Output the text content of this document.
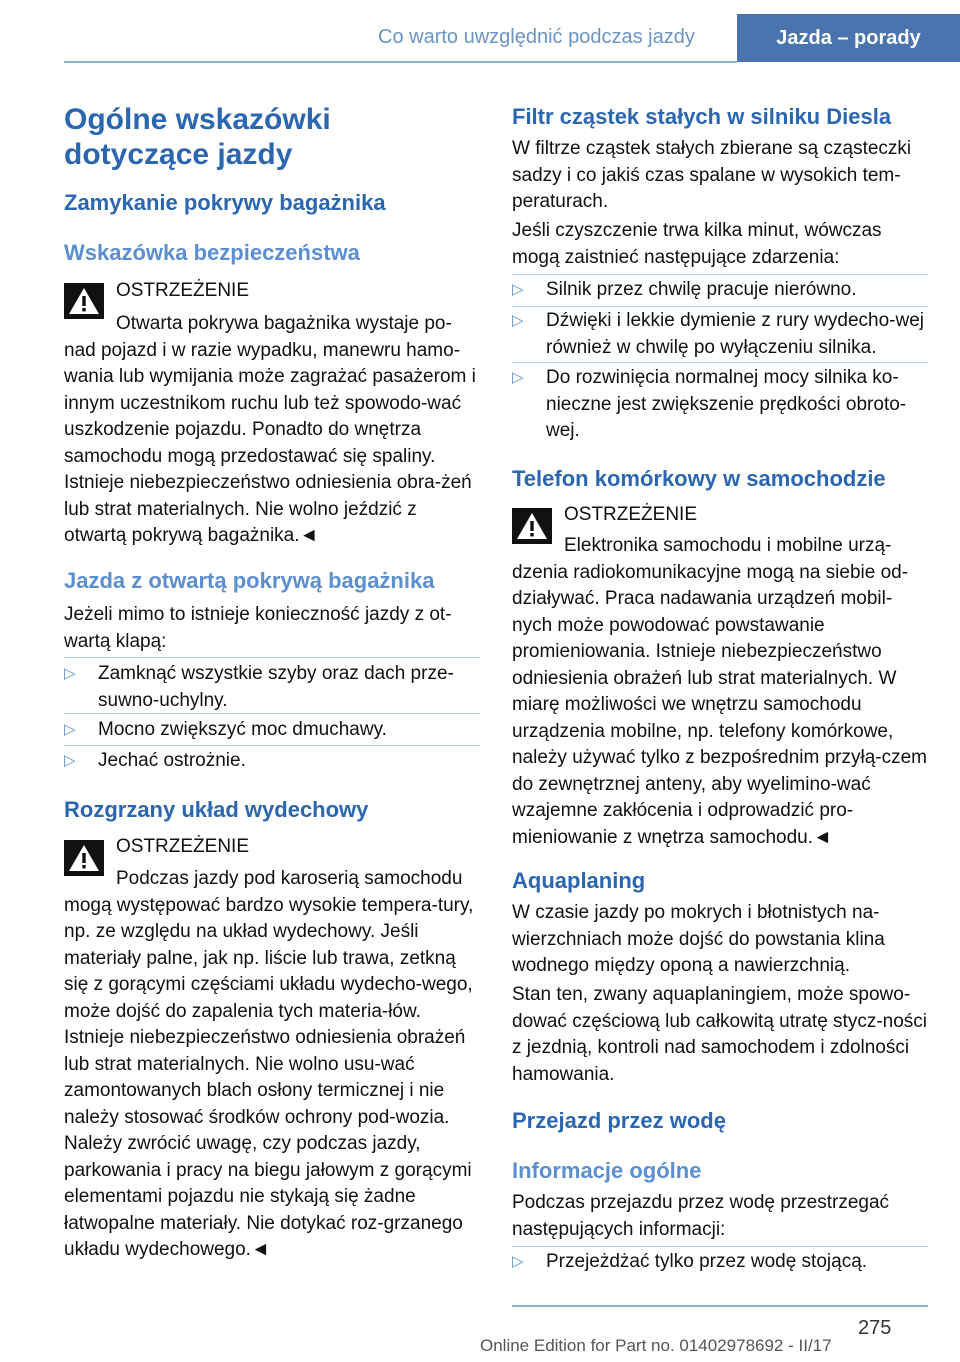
Co warto uwzględnić podczas jazdy	Jazda – porady
Ogólne wskazówki dotyczące jazdy
Zamykanie pokrywy bagażnika
Wskazówka bezpieczeństwa
OSTRZEŻENIE
Otwarta pokrywa bagażnika wystaje po-nad pojazd i w razie wypadku, manewru hamo-wania lub wymijania może zagrażać pasażerom i innym uczestnikom ruchu lub też spowodo-wać uszkodzenie pojazdu. Ponadto do wnętrza samochodu mogą przedostawać się spaliny. Istnieje niebezpieczeństwo odniesienia obra-żeń lub strat materialnych. Nie wolno jeździć z otwartą pokrywą bagażnika.◄
Jazda z otwartą pokrywą bagażnika
Jeżeli mimo to istnieje konieczność jazdy z ot-wartą klapą:
▷ Zamknąć wszystkie szyby oraz dach prze-suwno-uchylny.
▷ Mocno zwiększyć moc dmuchawy.
▷ Jechać ostrożnie.
Rozgrzany układ wydechowy
OSTRZEŻENIE
Podczas jazdy pod karoserią samochodu mogą występować bardzo wysokie tempera-tury, np. ze względu na układ wydechowy. Jeśli materiały palne, jak np. liście lub trawa, zetkną się z gorącymi częściami układu wydecho-wego, może dojść do zapalenia tych materia-łów. Istnieje niebezpieczeństwo odniesienia obrażeń lub strat materialnych. Nie wolno usu-wać zamontowanych blach osłony termicznej i nie należy stosować środków ochrony pod-wozia. Należy zwrócić uwagę, czy podczas jazdy, parkowania i pracy na biegu jałowym z gorącymi elementami pojazdu nie stykają się żadne łatwopalne materiały. Nie dotykać roz-grzanego układu wydechowego.◄
Filtr cząstek stałych w silniku Diesla
W filtrze cząstek stałych zbierane są cząsteczki sadzy i co jakiś czas spalane w wysokich tem-peraturach.
Jeśli czyszczenie trwa kilka minut, wówczas mogą zaistnieć następujące zdarzenia:
▷ Silnik przez chwilę pracuje nierówno.
▷ Dźwięki i lekkie dymienie z rury wydecho-wej również w chwilę po wyłączeniu silnika.
▷ Do rozwinięcia normalnej mocy silnika ko-nieczne jest zwiększenie prędkości obroto-wej.
Telefon komórkowy w samochodzie
OSTRZEŻENIE
Elektronika samochodu i mobilne urzą-dzenia radiokomunikacyjne mogą na siebie od-działywać. Praca nadawania urządzeń mobil-nych może powodować powstawanie promieniowania. Istnieje niebezpieczeństwo odniesienia obrażeń lub strat materialnych. W miarę możliwości we wnętrzu samochodu urządzenia mobilne, np. telefony komórkowe, należy używać tylko z bezpośrednim przyłą-czem do zewnętrznej anteny, aby wyelimino-wać wzajemne zakłócenia i odprowadzić pro-mieniowanie z wnętrza samochodu.◄
Aquaplaning
W czasie jazdy po mokrych i błotnistych na-wierzchniach może dojść do powstania klina wodnego między oponą a nawierzchnią.
Stan ten, zwany aquaplaningiem, może spowo-dować częściową lub całkowitą utratę stycz-ności z jezdnią, kontroli nad samochodem i zdolności hamowania.
Przejazd przez wodę
Informacje ogólne
Podczas przejazdu przez wodę przestrzegać następujących informacji:
▷ Przejeżdżać tylko przez wodę stojącą.
275
Online Edition for Part no. 01402978692 - II/17
